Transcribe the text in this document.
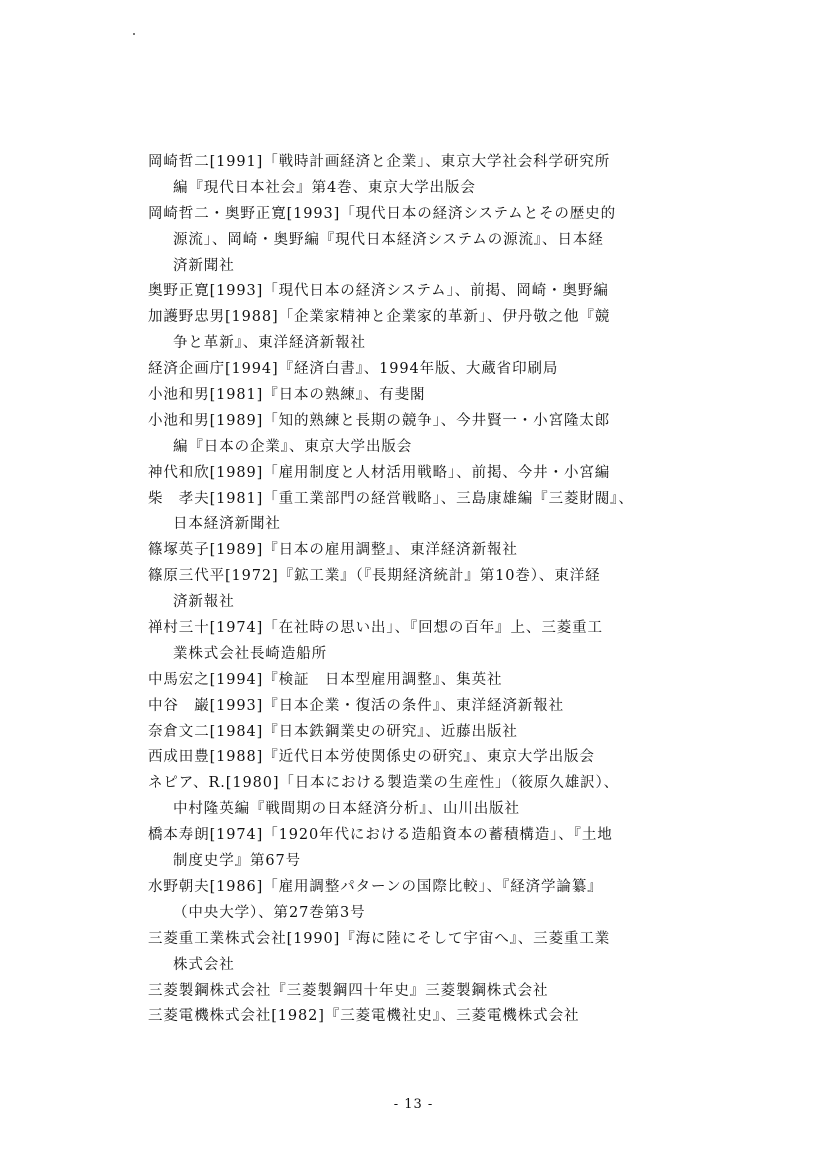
岡崎哲二[1991]「戦時計画経済と企業」、東京大学社会科学研究所
編『現代日本社会』第4巻、東京大学出版会
岡崎哲二・奥野正寛[1993]「現代日本の経済システムとその歴史的
源流」、岡崎・奥野編『現代日本経済システムの源流』、日本経
済新聞社
奥野正寛[1993]「現代日本の経済システム」、前掲、岡崎・奥野編
加護野忠男[1988]「企業家精神と企業家的革新」、伊丹敬之他『競
争と革新』、東洋経済新報社
経済企画庁[1994]『経済白書』、1994年版、大蔵省印刷局
小池和男[1981]『日本の熟練』、有斐閣
小池和男[1989]「知的熟練と長期の競争」、今井賢一・小宮隆太郎
編『日本の企業』、東京大学出版会
神代和欣[1989]「雇用制度と人材活用戦略」、前掲、今井・小宮編
柴　孝夫[1981]「重工業部門の経営戦略」、三島康雄編『三菱財閥』、
日本経済新聞社
篠塚英子[1989]『日本の雇用調整』、東洋経済新報社
篠原三代平[1972]『鉱工業』（『長期経済統計』第10巻）、東洋経
済新報社
禅村三十[1974]「在社時の思い出」、『回想の百年』上、三菱重工
業株式会社長崎造船所
中馬宏之[1994]『検証　日本型雇用調整』、集英社
中谷　巌[1993]『日本企業・復活の条件』、東洋経済新報社
奈倉文二[1984]『日本鉄鋼業史の研究』、近藤出版社
西成田豊[1988]『近代日本労使関係史の研究』、東京大学出版会
ネピア、R.[1980]「日本における製造業の生産性」（筱原久雄訳）、
中村隆英編『戦間期の日本経済分析』、山川出版社
橋本寿朗[1974]「1920年代における造船資本の蓄積構造」、『土地
制度史学』第67号
水野朝夫[1986]「雇用調整パターンの国際比較」、『経済学論纂』
（中央大学）、第27巻第3号
三菱重工業株式会社[1990]『海に陸にそして宇宙へ』、三菱重工業
株式会社
三菱製鋼株式会社『三菱製鋼四十年史』三菱製鋼株式会社
三菱電機株式会社[1982]『三菱電機社史』、三菱電機株式会社
- 13 -
